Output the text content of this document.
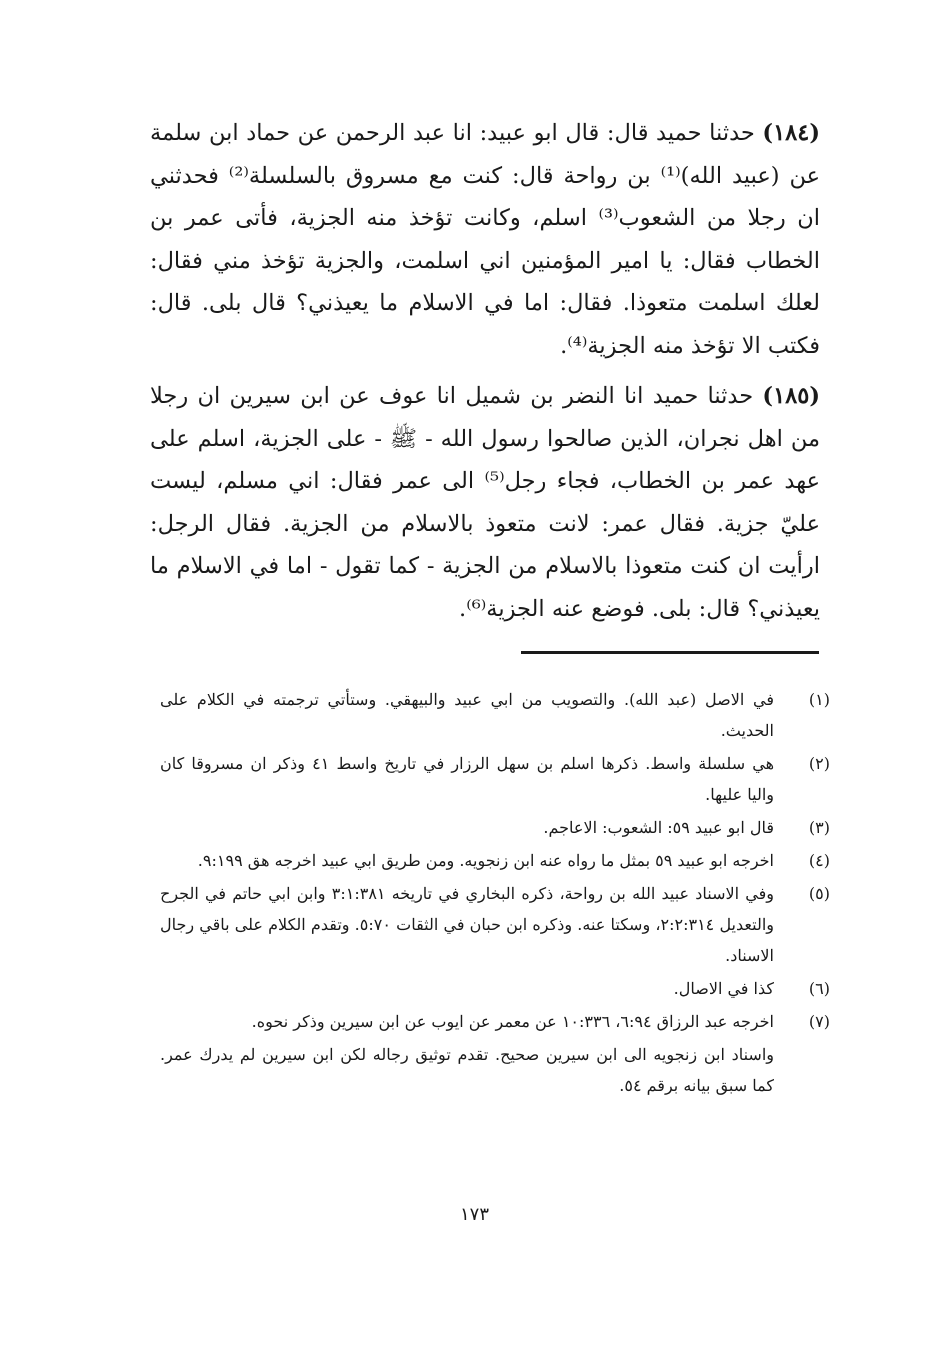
(١٨٤) حدثنا حميد قال: قال ابو عبيد: انا عبد الرحمن عن حماد ابن سلمة عن (عبيد الله)⁽¹⁾ بن رواحة قال: كنت مع مسروق بالسلسلة⁽²⁾ فحدثني ان رجلا من الشعوب⁽³⁾ اسلم، وكانت تؤخذ منه الجزية، فأتى عمر بن الخطاب فقال: يا امير المؤمنين اني اسلمت، والجزية تؤخذ مني فقال: لعلك اسلمت متعوذا. فقال: اما في الاسلام ما يعيذني؟ قال بلى. قال: فكتب الا تؤخذ منه الجزية⁽⁴⁾.

(١٨٥) حدثنا حميد انا النضر بن شميل انا عوف عن ابن سيرين ان رجلا من اهل نجران، الذين صالحوا رسول الله - ﷺ - على الجزية، اسلم على عهد عمر بن الخطاب، فجاء رجل⁽⁵⁾ الى عمر فقال: اني مسلم، ليست عليّ جزية. فقال عمر: لانت متعوذ بالاسلام من الجزية. فقال الرجل: ارأيت ان كنت متعوذا بالاسلام من الجزية - كما تقول - اما في الاسلام ما يعيذني؟ قال: بلى. فوضع عنه الجزية⁽⁶⁾.

(١)
في الاصل (عبد الله). والتصويب من ابي عبيد والبيهقي. وستأتي ترجمته في الكلام على الحديث.
(٢)
هي سلسلة واسط. ذكرها اسلم بن سهل الرزار في تاريخ واسط ٤١ وذكر ان مسروقا كان واليا عليها.
(٣)
قال ابو عبيد ٥٩: الشعوب: الاعاجم.
(٤)
اخرجه ابو عبيد ٥٩ بمثل ما رواه عنه ابن زنجويه. ومن طريق ابي عبيد اخرجه هق ٩:١٩٩.
(٥)
وفي الاسناد عبيد الله بن رواحة، ذكره البخاري في تاريخه ٣:١:٣٨١ وابن ابي حاتم في الجرح والتعديل ٢:٢:٣١٤، وسكتا عنه. وذكره ابن حبان في الثقات ٥:٧٠. وتقدم الكلام على باقي رجال الاسناد.
(٦)
كذا في الاصال.
(٧)
اخرجه عبد الرزاق ٦:٩٤، ١٠:٣٣٦ عن معمر عن ايوب عن ابن سيرين وذكر نحوه.
واسناد ابن زنجويه الى ابن سيرين صحيح. تقدم توثيق رجاله لكن ابن سيرين لم يدرك عمر. كما سبق بيانه برقم ٥٤.
١٧٣
